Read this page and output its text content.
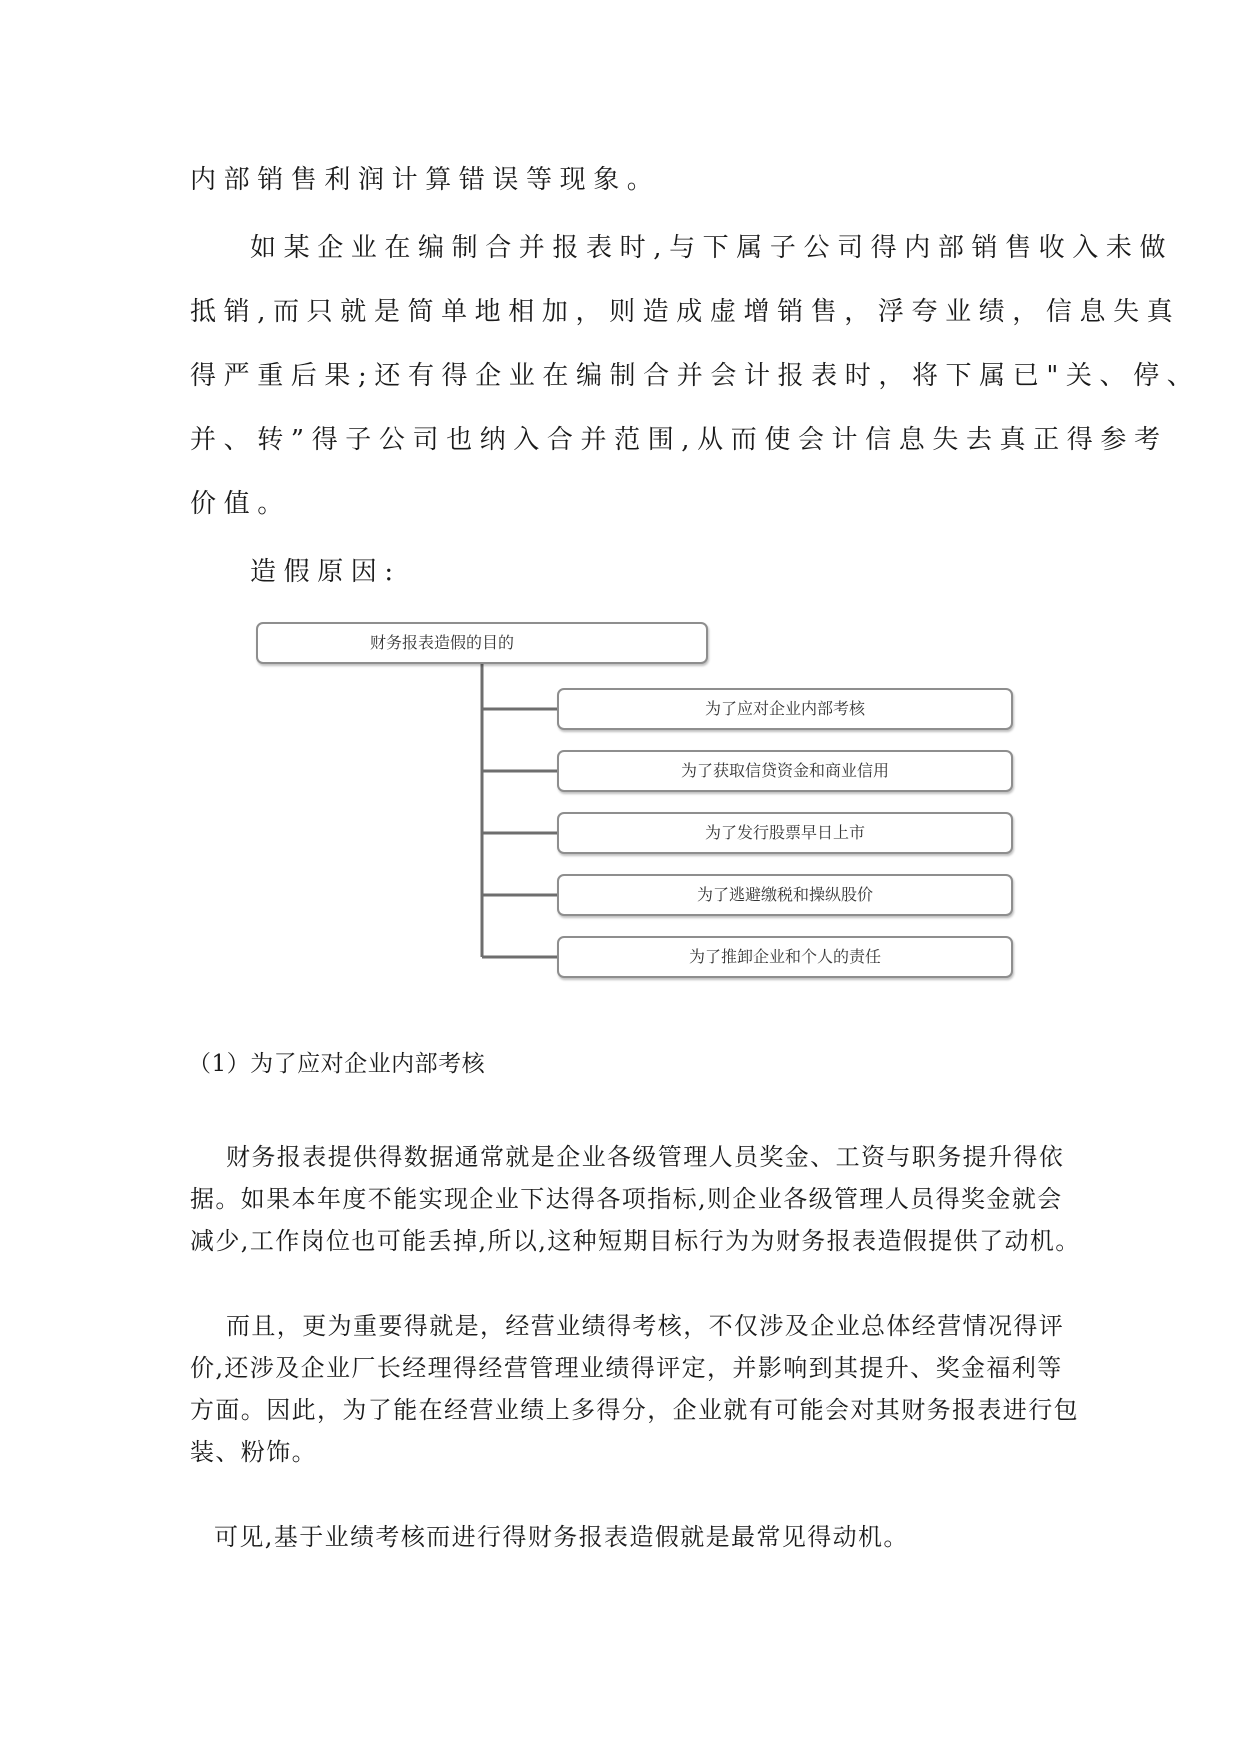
内部销售利润计算错误等现象。
如某企业在编制合并报表时,与下属子公司得内部销售收入未做
抵销,而只就是简单地相加，则造成虚增销售，浮夸业绩，信息失真
得严重后果;还有得企业在编制合并会计报表时，将下属已"关、停、
并、转”得子公司也纳入合并范围,从而使会计信息失去真正得参考
价值。
造假原因:
财务报表造假的目的
为了应对企业内部考核
为了获取信贷资金和商业信用
为了发行股票早日上市
为了逃避缴税和操纵股价
为了推卸企业和个人的责任
（1）为了应对企业内部考核
财务报表提供得数据通常就是企业各级管理人员奖金、工资与职务提升得依
据。如果本年度不能实现企业下达得各项指标,则企业各级管理人员得奖金就会
减少,工作岗位也可能丢掉,所以,这种短期目标行为为财务报表造假提供了动机。
而且，更为重要得就是，经营业绩得考核，不仅涉及企业总体经营情况得评
价,还涉及企业厂长经理得经营管理业绩得评定，并影响到其提升、奖金福利等
方面。因此，为了能在经营业绩上多得分，企业就有可能会对其财务报表进行包
装、粉饰。
可见,基于业绩考核而进行得财务报表造假就是最常见得动机。
